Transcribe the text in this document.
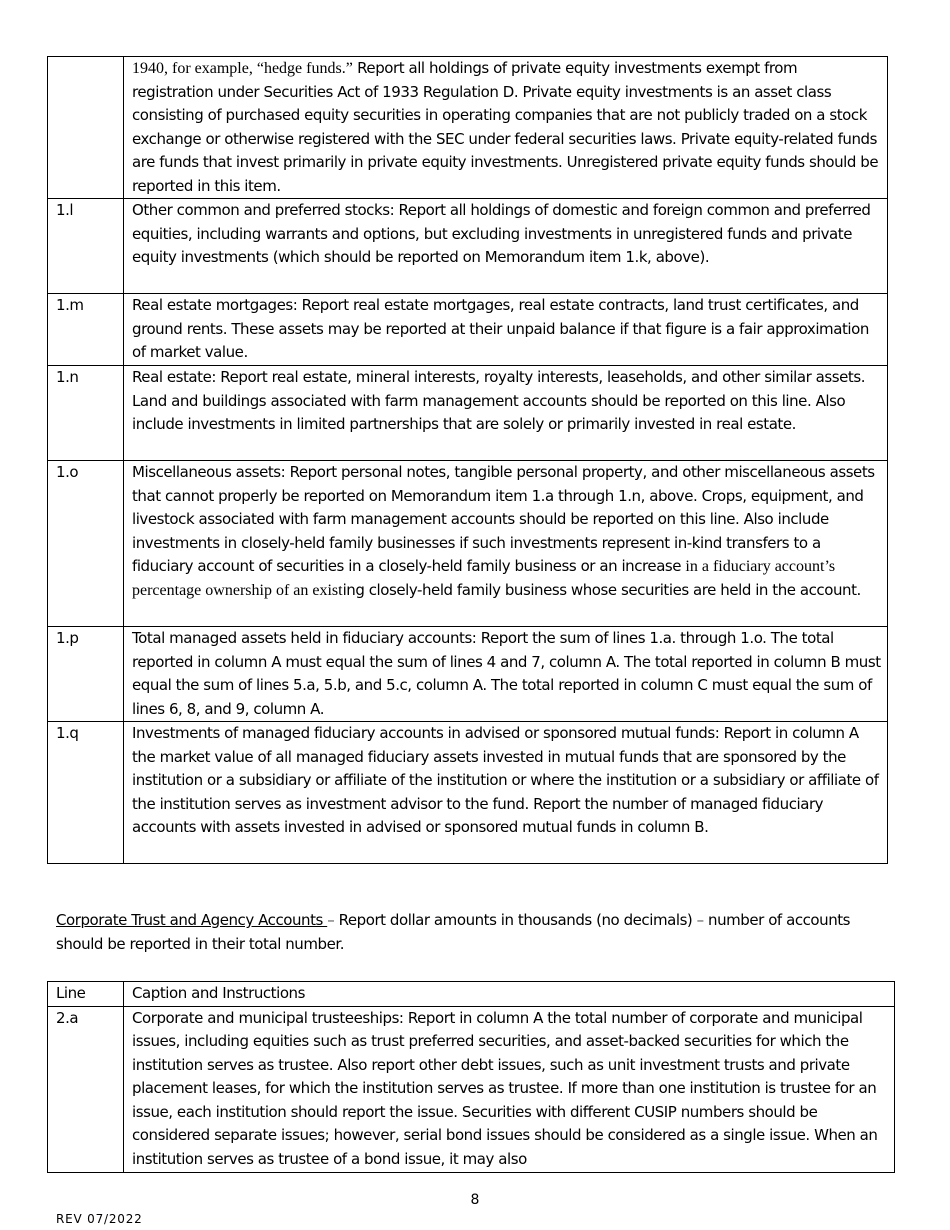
	1940, for example, “hedge funds.” Report all holdings of private equity investments exempt from registration under Securities Act of 1933 Regulation D. Private equity investments is an asset class consisting of purchased equity securities in operating companies that are not publicly traded on a stock exchange or otherwise registered with the SEC under federal securities laws. Private equity-related funds are funds that invest primarily in private equity investments. Unregistered private equity funds should be reported in this item.
1.l	Other common and preferred stocks: Report all holdings of domestic and foreign common and preferred equities, including warrants and options, but excluding investments in unregistered funds and private equity investments (which should be reported on Memorandum item 1.k, above).
1.m	Real estate mortgages: Report real estate mortgages, real estate contracts, land trust certificates, and ground rents. These assets may be reported at their unpaid balance if that figure is a fair approximation of market value.
1.n	Real estate: Report real estate, mineral interests, royalty interests, leaseholds, and other similar assets. Land and buildings associated with farm management accounts should be reported on this line. Also include investments in limited partnerships that are solely or primarily invested in real estate.
1.o	Miscellaneous assets: Report personal notes, tangible personal property, and other miscellaneous assets that cannot properly be reported on Memorandum item 1.a through 1.n, above. Crops, equipment, and livestock associated with farm management accounts should be reported on this line. Also include investments in closely-held family businesses if such investments represent in-kind transfers to a fiduciary account of securities in a closely-held family business or an increase in a fiduciary account’s percentage ownership of an existing closely-held family business whose securities are held in the account.
1.p	Total managed assets held in fiduciary accounts: Report the sum of lines 1.a. through 1.o. The total reported in column A must equal the sum of lines 4 and 7, column A. The total reported in column B must equal the sum of lines 5.a, 5.b, and 5.c, column A. The total reported in column C must equal the sum of lines 6, 8, and 9, column A.
1.q	Investments of managed fiduciary accounts in advised or sponsored mutual funds: Report in column A the market value of all managed fiduciary assets invested in mutual funds that are sponsored by the institution or a subsidiary or affiliate of the institution or where the institution or a subsidiary or affiliate of the institution serves as investment advisor to the fund. Report the number of managed fiduciary accounts with assets invested in advised or sponsored mutual funds in column B.
Corporate Trust and Agency Accounts – Report dollar amounts in thousands (no decimals) – number of accounts should be reported in their total number.
Line	Caption and Instructions
2.a	Corporate and municipal trusteeships: Report in column A the total number of corporate and municipal issues, including equities such as trust preferred securities, and asset-backed securities for which the institution serves as trustee. Also report other debt issues, such as unit investment trusts and private placement leases, for which the institution serves as trustee. If more than one institution is trustee for an issue, each institution should report the issue. Securities with different CUSIP numbers should be considered separate issues; however, serial bond issues should be considered as a single issue. When an institution serves as trustee of a bond issue, it may also
8
REV 07/2022
